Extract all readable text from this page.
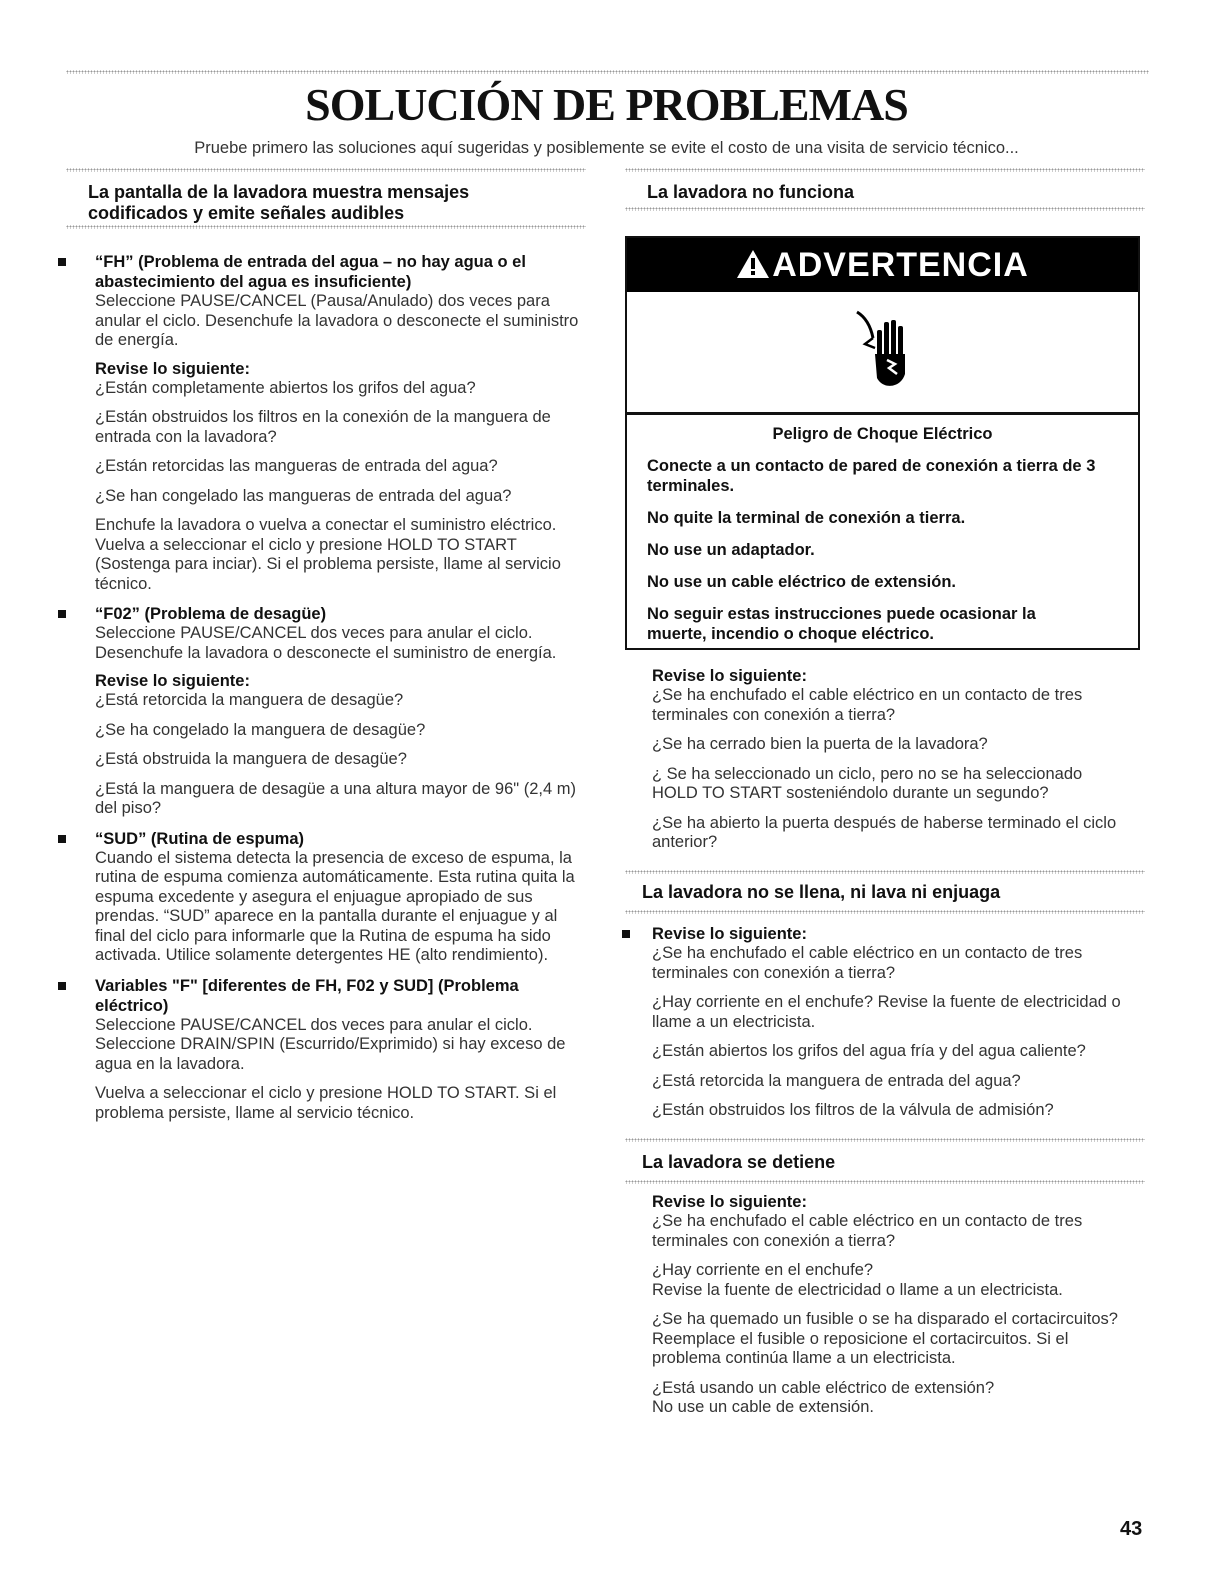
SOLUCIÓN DE PROBLEMAS
Pruebe primero las soluciones aquí sugeridas y posiblemente se evite el costo de una visita de servicio técnico...
La pantalla de la lavadora muestra mensajes codificados y emite señales audibles
“FH” (Problema de entrada del agua – no hay agua o el abastecimiento del agua es insuficiente)
Seleccione PAUSE/CANCEL (Pausa/Anulado) dos veces para anular el ciclo. Desenchufe la lavadora o desconecte el suministro de energía.
Revise lo siguiente:
¿Están completamente abiertos los grifos del agua?
¿Están obstruidos los filtros en la conexión de la manguera de entrada con la lavadora?
¿Están retorcidas las mangueras de entrada del agua?
¿Se han congelado las mangueras de entrada del agua?
Enchufe la lavadora o vuelva a conectar el suministro eléctrico. Vuelva a seleccionar el ciclo y presione HOLD TO START (Sostenga para inciar). Si el problema persiste, llame al servicio técnico.
“F02” (Problema de desagüe)
Seleccione PAUSE/CANCEL dos veces para anular el ciclo. Desenchufe la lavadora o desconecte el suministro de energía.
Revise lo siguiente:
¿Está retorcida la manguera de desagüe?
¿Se ha congelado la manguera de desagüe?
¿Está obstruida la manguera de desagüe?
¿Está la manguera de desagüe a una altura mayor de 96" (2,4 m) del piso?
“SUD” (Rutina de espuma)
Cuando el sistema detecta la presencia de exceso de espuma, la rutina de espuma comienza automáticamente. Esta rutina quita la espuma excedente y asegura el enjuague apropiado de sus prendas. “SUD” aparece en la pantalla durante el enjuague y al final del ciclo para informarle que la Rutina de espuma ha sido activada. Utilice solamente detergentes HE (alto rendimiento).
Variables "F" [diferentes de FH, F02 y SUD] (Problema eléctrico)
Seleccione PAUSE/CANCEL dos veces para anular el ciclo. Seleccione DRAIN/SPIN (Escurrido/Exprimido) si hay exceso de agua en la lavadora.
Vuelva a seleccionar el ciclo y presione HOLD TO START. Si el problema persiste, llame al servicio técnico.
La lavadora no funciona
ADVERTENCIA
Peligro de Choque Eléctrico
Conecte a un contacto de pared de conexión a tierra de 3 terminales.
No quite la terminal de conexión a tierra.
No use un adaptador.
No use un cable eléctrico de extensión.
No seguir estas instrucciones puede ocasionar la muerte, incendio o choque eléctrico.
Revise lo siguiente:
¿Se ha enchufado el cable eléctrico en un contacto de tres terminales con conexión a tierra?
¿Se ha cerrado bien la puerta de la lavadora?
¿ Se ha seleccionado un ciclo, pero no se ha seleccionado HOLD TO START sosteniéndolo durante un segundo?
¿Se ha abierto la puerta después de haberse terminado el ciclo anterior?
La lavadora no se llena, ni lava ni enjuaga
Revise lo siguiente:
¿Se ha enchufado el cable eléctrico en un contacto de tres terminales con conexión a tierra?
¿Hay corriente en el enchufe? Revise la fuente de electricidad o llame a un electricista.
¿Están abiertos los grifos del agua fría y del agua caliente?
¿Está retorcida la manguera de entrada del agua?
¿Están obstruidos los filtros de la válvula de admisión?
La lavadora se detiene
Revise lo siguiente:
¿Se ha enchufado el cable eléctrico en un contacto de tres terminales con conexión a tierra?
¿Hay corriente en el enchufe?
Revise la fuente de electricidad o llame a un electricista.
¿Se ha quemado un fusible o se ha disparado el cortacircuitos?
Reemplace el fusible o reposicione el cortacircuitos. Si el problema continúa llame a un electricista.
¿Está usando un cable eléctrico de extensión?
No use un cable de extensión.
43
